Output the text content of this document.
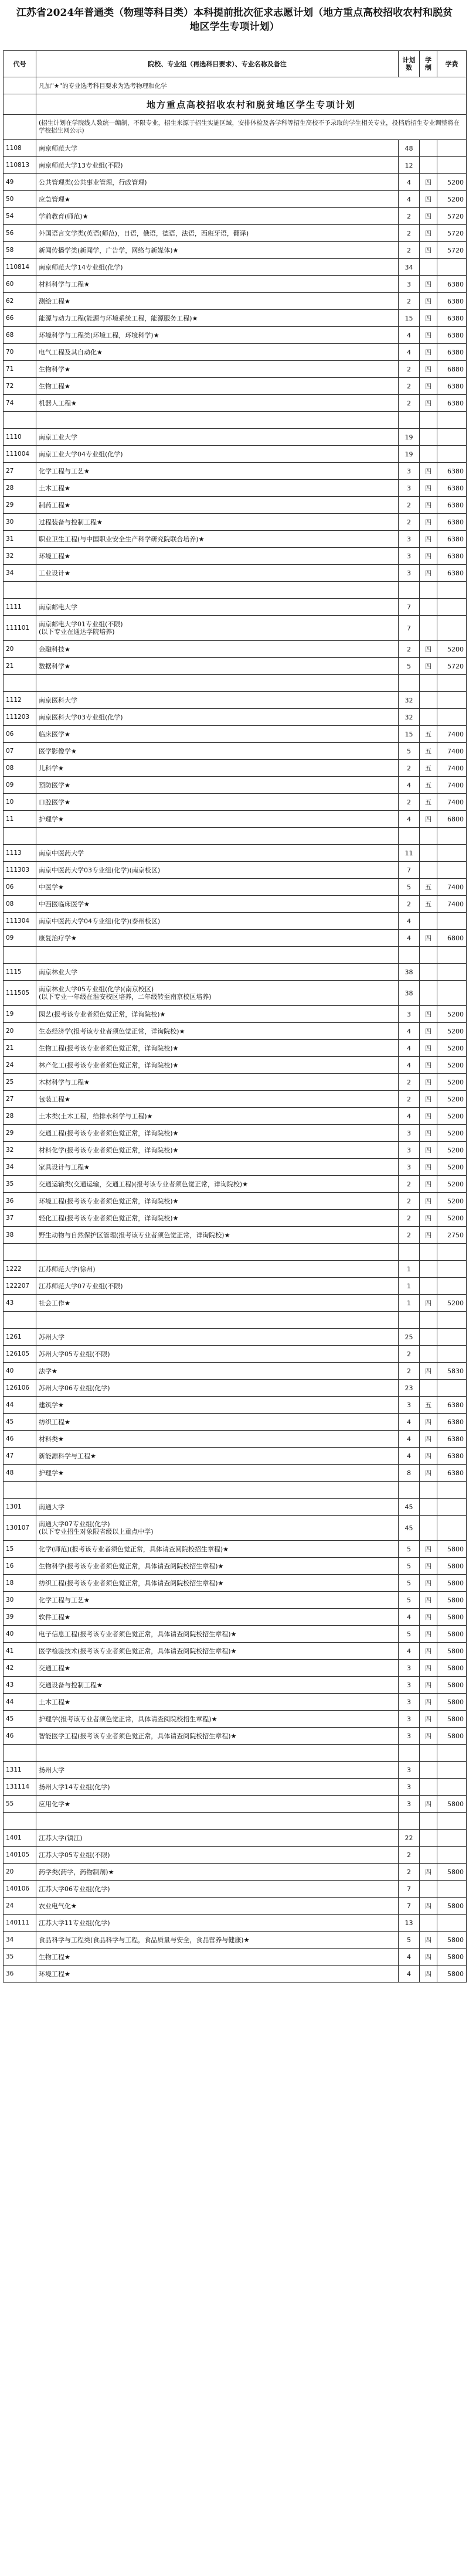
江苏省2024年普通类（物理等科目类）本科提前批次征求志愿计划（地方重点高校招收农村和脱贫地区学生专项计划）
代号	院校、专业组（再选科目要求）、专业名称及备注	计划数	学制	学费
	凡加"★"的专业选考科目要求为选考物理和化学			
	地方重点高校招收农村和脱贫地区学生专项计划			
	(招生计划在学院线人数统一编制，不限专业，招生来源于招生实施区域，安排体检及各学科等招生高校不予录取的学生相关专业，投档后招生专业调整将在学校招生网公示)			
1108	南京师范大学	48		
110813	南京师范大学13专业组(不限)	12		
49	公共管理类(公共事业管理，行政管理)	4	四	5200
50	应急管理★	4	四	5200
54	学前教育(师范)★	2	四	5720
56	外国语言文学类(英语(师范)，日语，俄语，德语，法语，西班牙语，翻译)	2	四	5720
58	新闻传播学类(新闻学，广告学，网络与新媒体)★	2	四	5720
110814	南京师范大学14专业组(化学)	34		
60	材料科学与工程★	3	四	6380
62	测绘工程★	2	四	6380
66	能源与动力工程(能源与环境系统工程，能源服务工程)★	15	四	6380
68	环境科学与工程类(环境工程，环境科学)★	4	四	6380
70	电气工程及其自动化★	4	四	6380
71	生物科学★	2	四	6880
72	生物工程★	2	四	6380
74	机器人工程★	2	四	6380

1110	南京工业大学	19		
111004	南京工业大学04专业组(化学)	19		
27	化学工程与工艺★	3	四	6380
28	土木工程★	3	四	6380
29	制药工程★	2	四	6380
30	过程装备与控制工程★	2	四	6380
31	职业卫生工程(与中国职业安全生产科学研究院联合培养)★	3	四	6380
32	环境工程★	3	四	6380
34	工业设计★	3	四	6380

1111	南京邮电大学	7		
111101	南京邮电大学01专业组(不限)
(以下专业在通达学院培养)	7		
20	金融科技★	2	四	5200
21	数据科学★	5	四	5720

1112	南京医科大学	32		
111203	南京医科大学03专业组(化学)	32		
06	临床医学★	15	五	7400
07	医学影像学★	5	五	7400
08	儿科学★	2	五	7400
09	预防医学★	4	五	7400
10	口腔医学★	2	五	7400
11	护理学★	4	四	6800

1113	南京中医药大学	11		
111303	南京中医药大学03专业组(化学)(南京校区)	7		
06	中医学★	5	五	7400
08	中西医临床医学★	2	五	7400
111304	南京中医药大学04专业组(化学)(泰州校区)	4		
09	康复治疗学★	4	四	6800

1115	南京林业大学	38		
111505	南京林业大学05专业组(化学)(南京校区)
(以下专业一年级在淮安校区培养，二年级转至南京校区培养)	38		
19	园艺(报考该专业者须色觉正常，详询院校)★	3	四	5200
20	生态经济学(报考该专业者须色觉正常，详询院校)★	4	四	5200
21	生物工程(报考该专业者须色觉正常，详询院校)★	4	四	5200
24	林产化工(报考该专业者须色觉正常，详询院校)★	4	四	5200
25	木材科学与工程★	2	四	5200
27	包装工程★	2	四	5200
28	土木类(土木工程，给排水科学与工程)★	4	四	5200
29	交通工程(报考该专业者须色觉正常，详询院校)★	3	四	5200
32	材料化学(报考该专业者须色觉正常，详询院校)★	3	四	5200
34	家具设计与工程★	3	四	5200
35	交通运输类(交通运输，交通工程)(报考该专业者须色觉正常，详询院校)★	2	四	5200
36	环境工程(报考该专业者须色觉正常，详询院校)★	2	四	5200
37	轻化工程(报考该专业者须色觉正常，详询院校)★	2	四	5200
38	野生动物与自然保护区管理(报考该专业者须色觉正常，详询院校)★	2	四	2750

1222	江苏师范大学(徐州)	1		
122207	江苏师范大学07专业组(不限)	1		
43	社会工作★	1	四	5200

1261	苏州大学	25		
126105	苏州大学05专业组(不限)	2		
40	法学★	2	四	5830
126106	苏州大学06专业组(化学)	23		
44	建筑学★	3	五	6380
45	纺织工程★	4	四	6380
46	材料类★	4	四	6380
47	新能源科学与工程★	4	四	6380
48	护理学★	8	四	6380

1301	南通大学	45		
130107	南通大学07专业组(化学)
(以下专业招生对象限省级以上重点中学)	45		
15	化学(师范)(报考该专业者须色觉正常，具体请查阅院校招生章程)★	5	四	5800
16	生物科学(报考该专业者须色觉正常，具体请查阅院校招生章程)★	5	四	5800
18	纺织工程(报考该专业者须色觉正常，具体请查阅院校招生章程)★	5	四	5800
30	化学工程与工艺★	5	四	5800
39	软件工程★	4	四	5800
40	电子信息工程(报考该专业者须色觉正常，具体请查阅院校招生章程)★	5	四	5800
41	医学检验技术(报考该专业者须色觉正常，具体请查阅院校招生章程)★	4	四	5800
42	交通工程★	3	四	5800
43	交通设备与控制工程★	3	四	5800
44	土木工程★	3	四	5800
45	护理学(报考该专业者须色觉正常，具体请查阅院校招生章程)★	3	四	5800
46	智能医学工程(报考该专业者须色觉正常，具体请查阅院校招生章程)★	3	四	5800

1311	扬州大学	3		
131114	扬州大学14专业组(化学)	3		
55	应用化学★	3	四	5800

1401	江苏大学(镇江)	22		
140105	江苏大学05专业组(不限)	2		
20	药学类(药学，药物制剂)★	2	四	5800
140106	江苏大学06专业组(化学)	7		
24	农业电气化★	7	四	5800
140111	江苏大学11专业组(化学)	13		
34	食品科学与工程类(食品科学与工程，食品质量与安全，食品营养与健康)★	5	四	5800
35	生物工程★	4	四	5800
36	环境工程★	4	四	5800
